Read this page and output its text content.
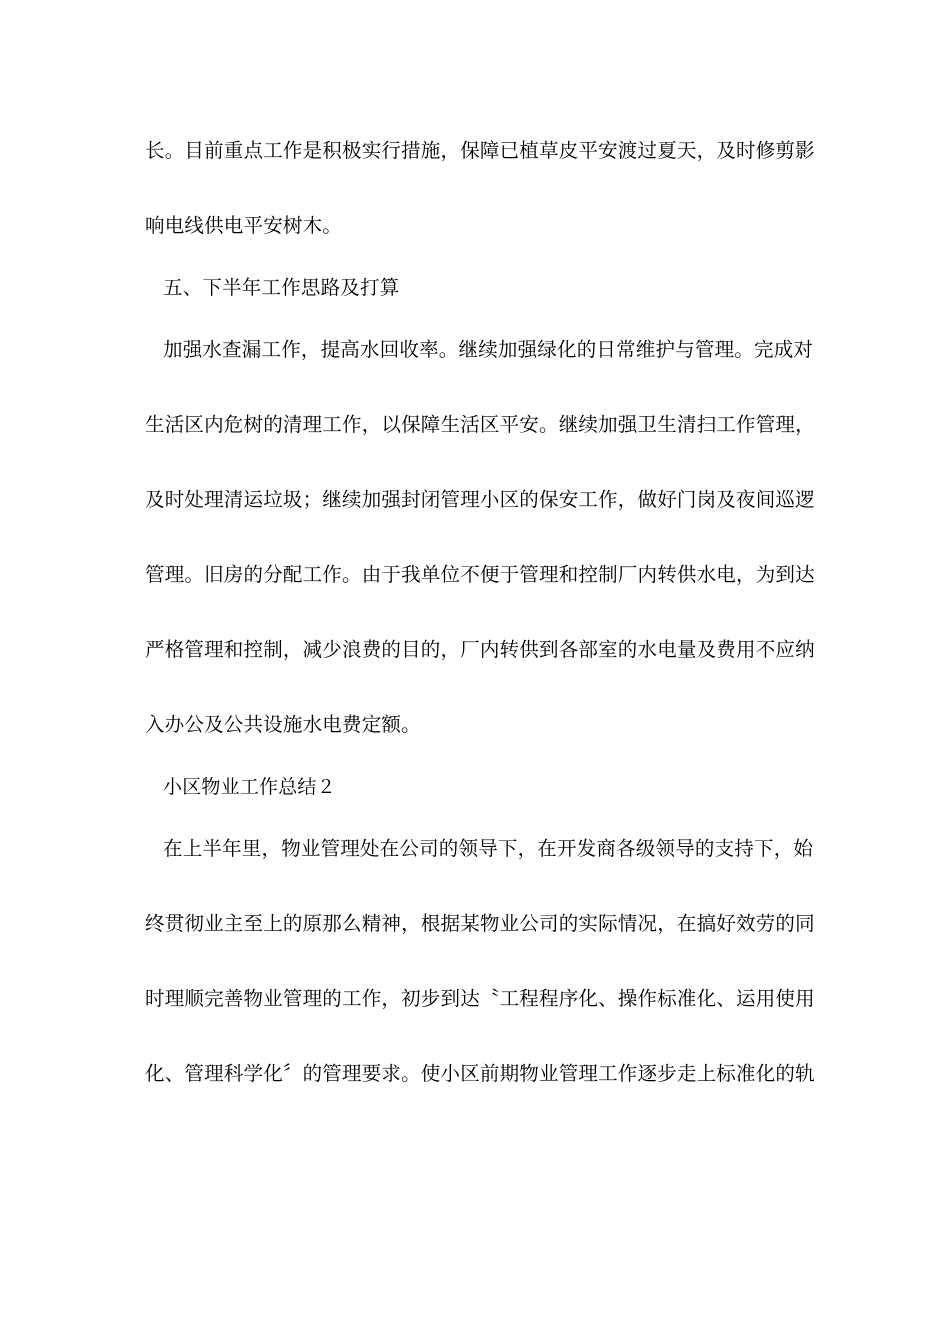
长。目前重点工作是积极实行措施，保障已植草皮平安渡过夏天，及时修剪影
响电线供电平安树木。
五、下半年工作思路及打算
加强水查漏工作，提高水回收率。继续加强绿化的日常维护与管理。完成对
生活区内危树的清理工作，以保障生活区平安。继续加强卫生清扫工作管理，
及时处理清运垃圾；继续加强封闭管理小区的保安工作，做好门岗及夜间巡逻
管理。旧房的分配工作。由于我单位不便于管理和控制厂内转供水电，为到达
严格管理和控制，减少浪费的目的，厂内转供到各部室的水电量及费用不应纳
入办公及公共设施水电费定额。
小区物业工作总结２
在上半年里，物业管理处在公司的领导下，在开发商各级领导的支持下，始
终贯彻业主至上的原那么精神，根据某物业公司的实际情况，在搞好效劳的同
时理顺完善物业管理的工作，初步到达〝工程程序化、操作标准化、运用使用
化、管理科学化〞的管理要求。使小区前期物业管理工作逐步走上标准化的轨
